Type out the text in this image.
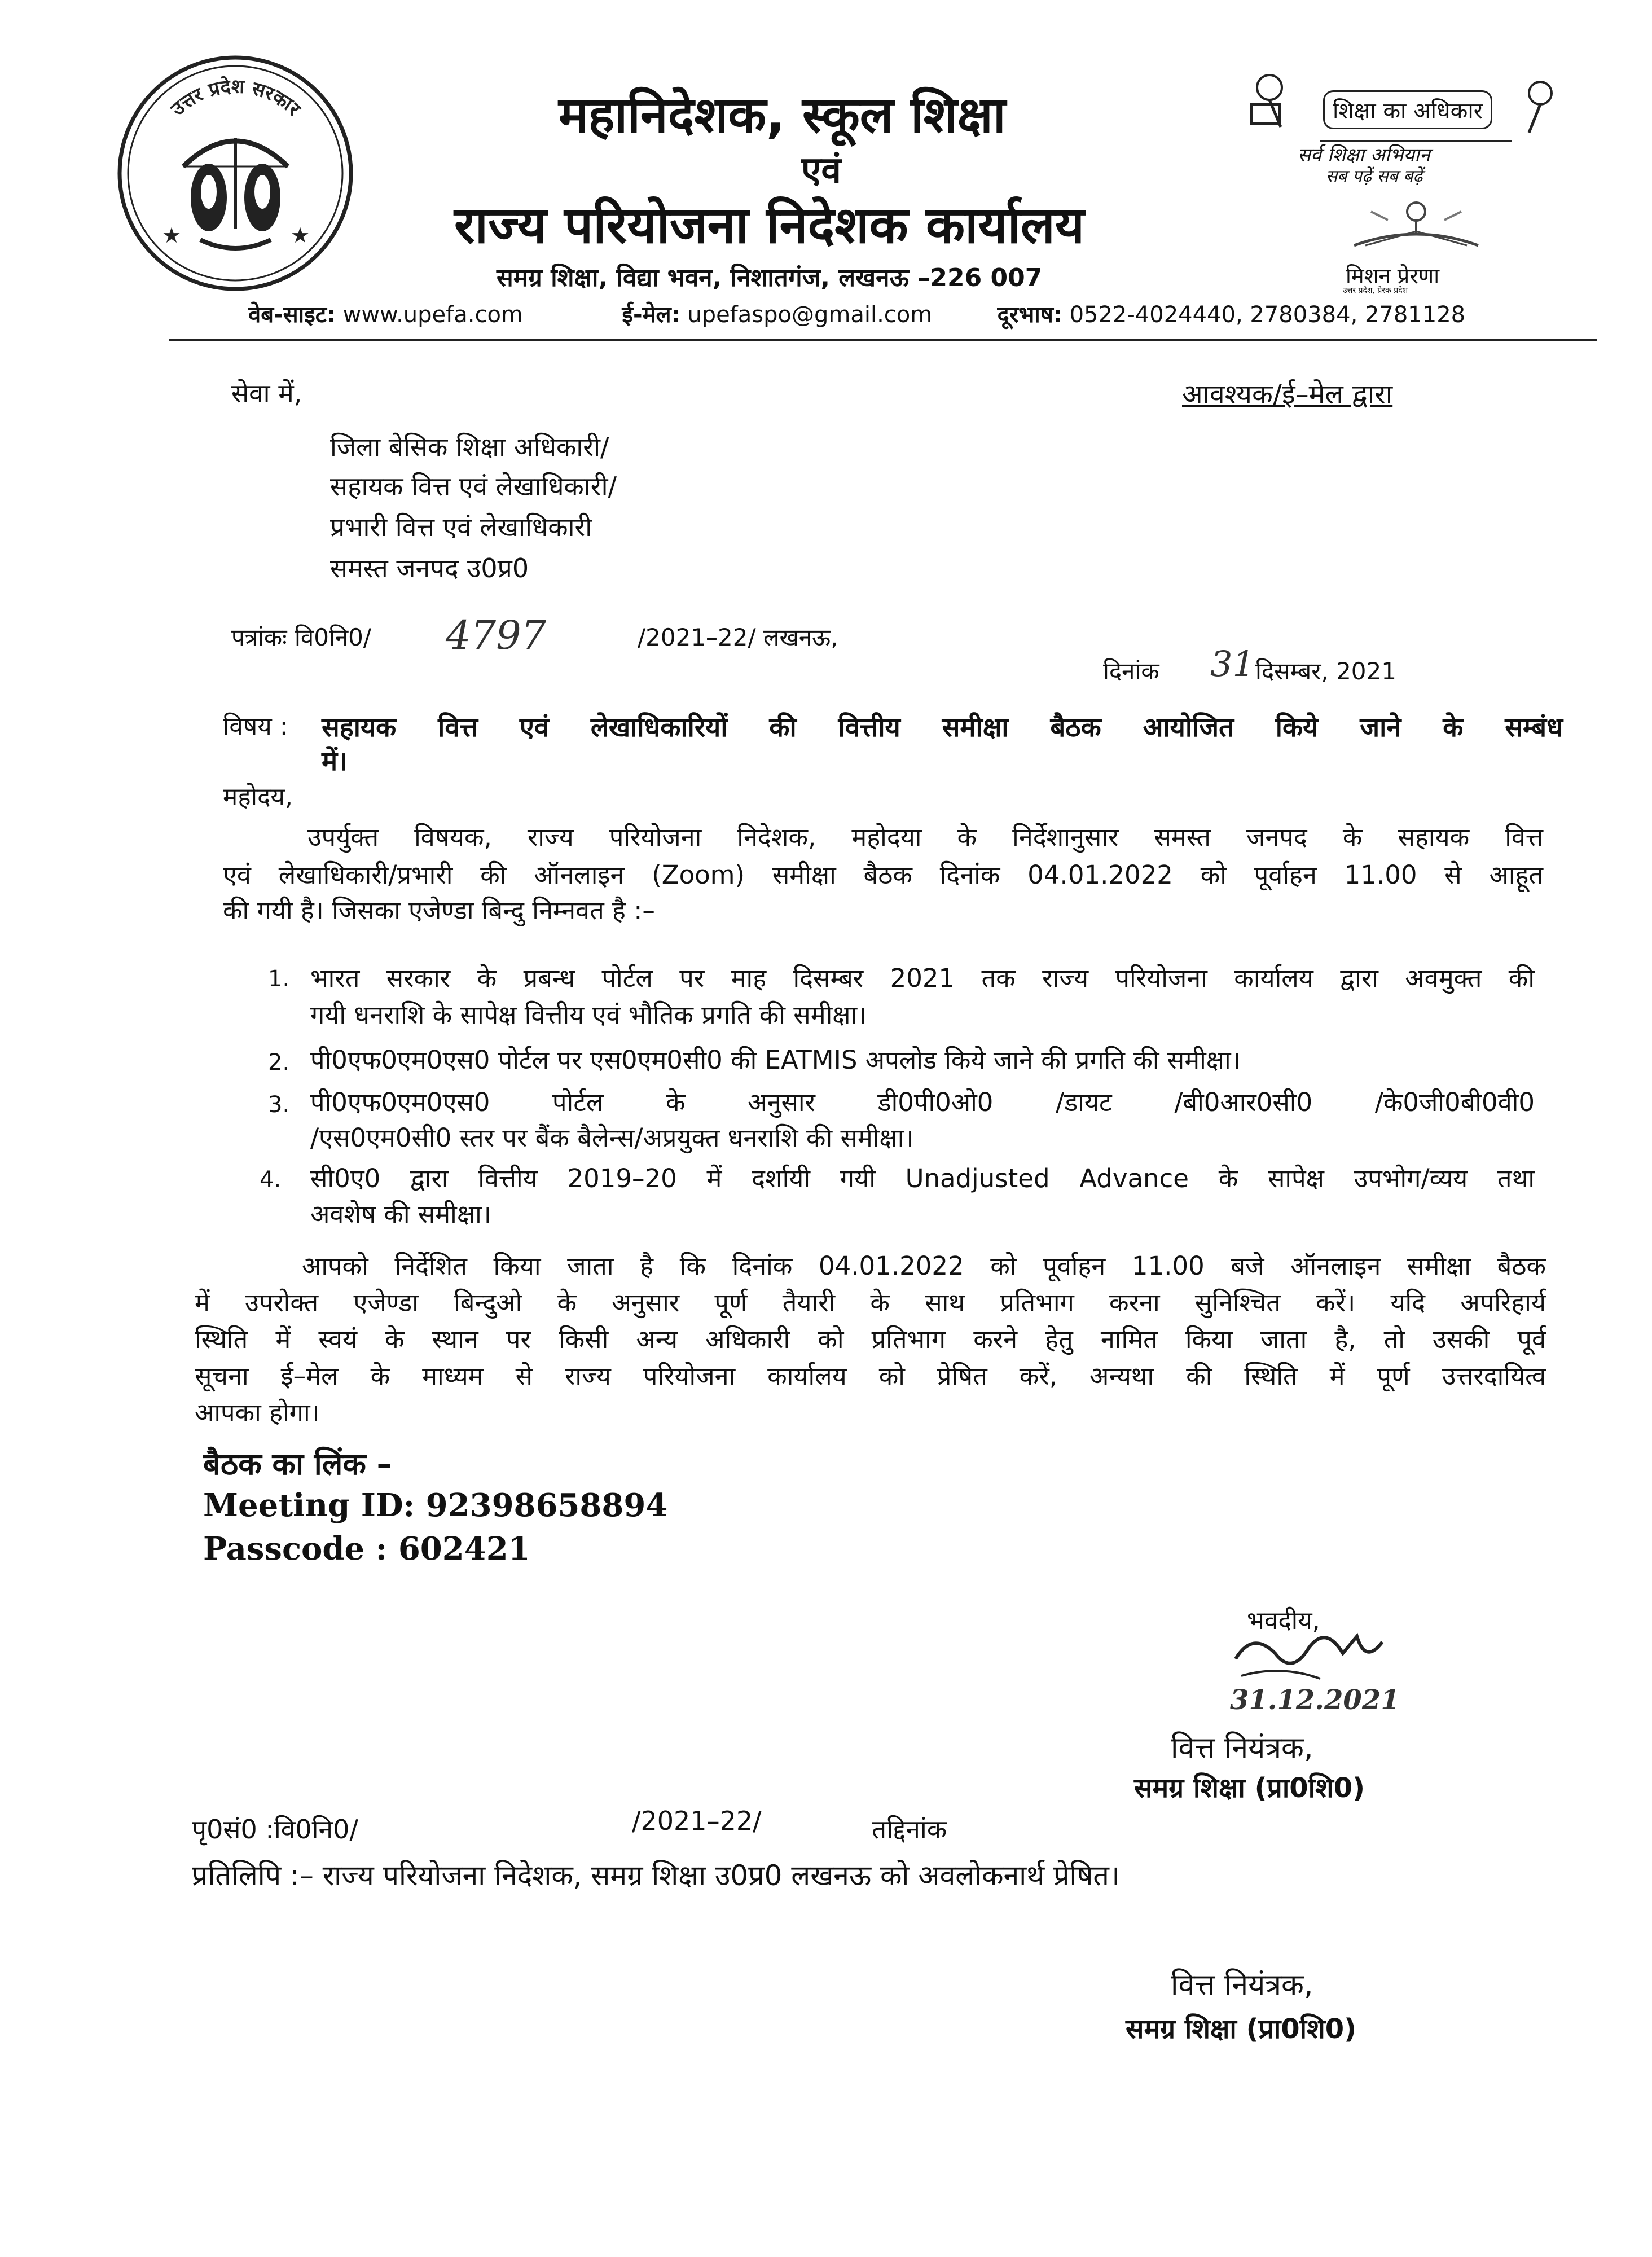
उत्तर प्रदेश सरकार
★	★
महानिदेशक, स्कूल शिक्षा
एवं
राज्य परियोजना निदेशक कार्यालय
समग्र शिक्षा, विद्या भवन, निशातगंज, लखनऊ –226 007
वेब-साइट: www.upefa.com	ई-मेल: upefaspo@gmail.com	दूरभाष: 0522-4024440, 2780384, 2781128
शिक्षा का अधिकार
सर्व शिक्षा अभियान
सब पढ़ें सब बढ़ें
मिशन प्रेरणा
उत्तर प्रदेश, प्रेरक प्रदेश
सेवा में,	आवश्यक/ई–मेल द्वारा
जिला बेसिक शिक्षा अधिकारी/
सहायक वित्त एवं लेखाधिकारी/
प्रभारी वित्त एवं लेखाधिकारी
समस्त जनपद उ0प्र0
पत्रांकः वि0नि0/ 4797	/2021–22/ लखनऊ,
दिनांक 31 दिसम्बर, 2021
विषय : सहायक वित्त एवं लेखाधिकारियों की वित्तीय समीक्षा बैठक आयोजित किये जाने के सम्बंध
में।
महोदय,
उपर्युक्त विषयक, राज्य परियोजना निदेशक, महोदया के निर्देशानुसार समस्त जनपद के सहायक वित्त
एवं लेखाधिकारी/प्रभारी की ऑनलाइन (Zoom) समीक्षा बैठक दिनांक 04.01.2022 को पूर्वाहन 11.00 से आहूत
की गयी है। जिसका एजेण्डा बिन्दु निम्नवत है :–
1. भारत सरकार के प्रबन्ध पोर्टल पर माह दिसम्बर 2021 तक राज्य परियोजना कार्यालय द्वारा अवमुक्त की
गयी धनराशि के सापेक्ष वित्तीय एवं भौतिक प्रगति की समीक्षा।
2. पी0एफ0एम0एस0 पोर्टल पर एस0एम0सी0 की EATMIS अपलोड किये जाने की प्रगति की समीक्षा।
3. पी0एफ0एम0एस0 पोर्टल के अनुसार डी0पी0ओ0 /डायट /बी0आर0सी0 /के0जी0बी0वी0
/एस0एम0सी0 स्तर पर बैंक बैलेन्स/अप्रयुक्त धनराशि की समीक्षा।
4. सी0ए0 द्वारा वित्तीय 2019–20 में दर्शायी गयी Unadjusted Advance के सापेक्ष उपभोग/व्यय तथा
अवशेष की समीक्षा।
आपको निर्देशित किया जाता है कि दिनांक 04.01.2022 को पूर्वाहन 11.00 बजे ऑनलाइन समीक्षा बैठक
में उपरोक्त एजेण्डा बिन्दुओ के अनुसार पूर्ण तैयारी के साथ प्रतिभाग करना सुनिश्चित करें। यदि अपरिहार्य
स्थिति में स्वयं के स्थान पर किसी अन्य अधिकारी को प्रतिभाग करने हेतु नामित किया जाता है, तो उसकी पूर्व
सूचना ई–मेल के माध्यम से राज्य परियोजना कार्यालय को प्रेषित करें, अन्यथा की स्थिति में पूर्ण उत्तरदायित्व
आपका होगा।
बैठक का लिंक –
Meeting ID: 92398658894
Passcode : 602421
भवदीय,
31.12.2021
वित्त नियंत्रक,
समग्र शिक्षा (प्रा0शि0)
पृ0सं0 :वि0नि0/	/2021–22/	तद्दिनांक
प्रतिलिपि :– राज्य परियोजना निदेशक, समग्र शिक्षा उ0प्र0 लखनऊ को अवलोकनार्थ प्रेषित।
वित्त नियंत्रक,
समग्र शिक्षा (प्रा0शि0)
